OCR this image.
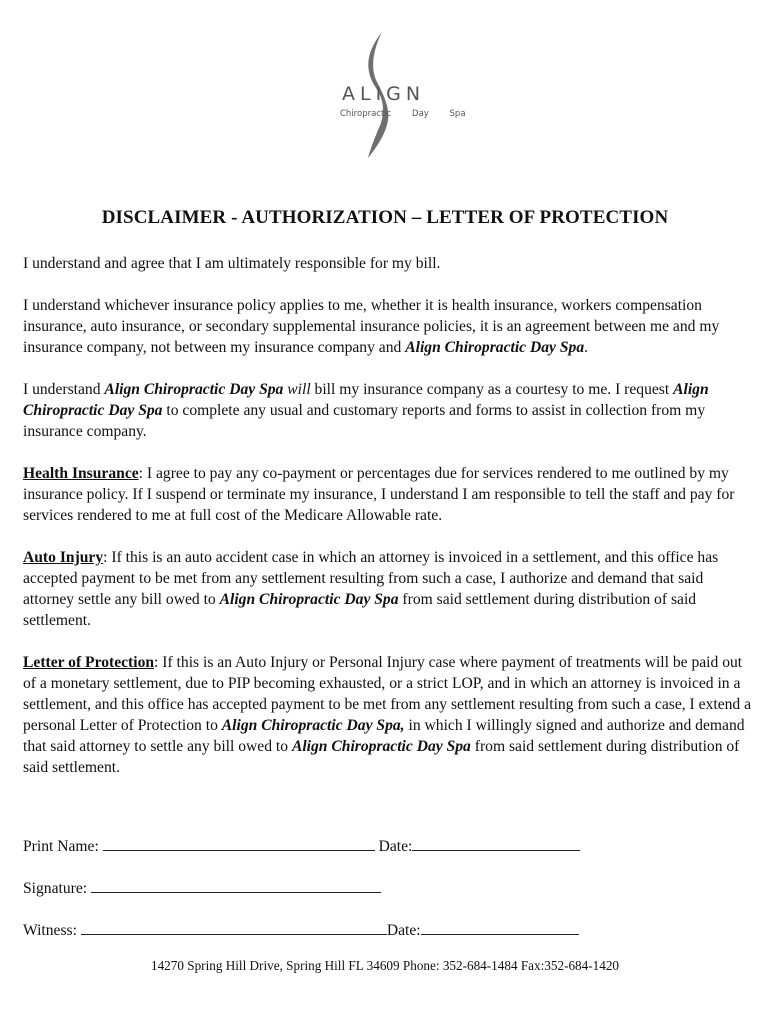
ALIGN
Chiropractic Day Spa
DISCLAIMER - AUTHORIZATION – LETTER OF PROTECTION

I understand and agree that I am ultimately responsible for my bill.

I understand whichever insurance policy applies to me, whether it is health insurance, workers compensation insurance, auto insurance, or secondary supplemental insurance policies, it is an agreement between me and my insurance company, not between my insurance company and Align Chiropractic Day Spa.

I understand Align Chiropractic Day Spa will bill my insurance company as a courtesy to me. I request Align Chiropractic Day Spa to complete any usual and customary reports and forms to assist in collection from my insurance company.

Health Insurance: I agree to pay any co-payment or percentages due for services rendered to me outlined by my insurance policy. If I suspend or terminate my insurance, I understand I am responsible to tell the staff and pay for services rendered to me at full cost of the Medicare Allowable rate.

Auto Injury: If this is an auto accident case in which an attorney is invoiced in a settlement, and this office has accepted payment to be met from any settlement resulting from such a case, I authorize and demand that said attorney settle any bill owed to Align Chiropractic Day Spa from said settlement during distribution of said settlement.

Letter of Protection: If this is an Auto Injury or Personal Injury case where payment of treatments will be paid out of a monetary settlement, due to PIP becoming exhausted, or a strict LOP, and in which an attorney is invoiced in a settlement, and this office has accepted payment to be met from any settlement resulting from such a case, I extend a personal Letter of Protection to Align Chiropractic Day Spa, in which I willingly signed and authorize and demand that said attorney to settle any bill owed to Align Chiropractic Day Spa from said settlement during distribution of said settlement.

Print Name:	Date:
Signature:
Witness:	Date:
14270 Spring Hill Drive, Spring Hill FL 34609 Phone: 352-684-1484 Fax:352-684-1420
